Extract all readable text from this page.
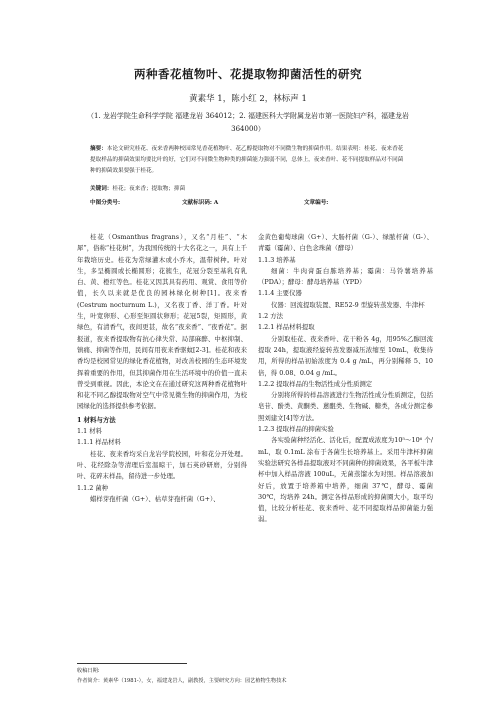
两种香花植物叶、花提取物抑菌活性的研究
黄素华 1，陈小红 2，林标声 1
（1. 龙岩学院生命科学学院 福建龙岩 364012；2. 福建医科大学附属龙岩市第一医院妇产科，福建龙岩 364000）
摘要：本论文研究桂花、夜来香两种校园常见香花植物叶、花乙醇提取物对不同微生物的抑菌作用。结果表明：桂花、夜来香花提取样品的抑菌效果均要比叶的好，它们对不同微生物种类的抑菌能力强弱不同，总体上，夜来香叶、花不同提取样品对不同菌种的抑菌效果要强于桂花。
关键词：桂花；夜来香；提取物；抑菌
中图分类号:	文献标识码: A	文章编号:

桂花（Osmanthus fragrans），又名“月桂”、“木犀”，俗称“桂花树”，为我国传统的十大名花之一，具有上千年栽培历史。桂花为常绿灌木或小乔木，温带树种。叶对生，多呈椭圆或长椭圆形；花簇生，花冠分裂至基乳有乳白、黄、橙红等色。桂花又因其具有药用、观赏、食用等价值，长久以来就是优良的园林绿化树种[1]。夜来香(Cestrum nocturnum L.)，又名夜丁香、洋丁香。叶对生，叶宽卵形、心形至矩圆状卵形；花冠5裂，矩圆形，黄绿色，有清香气，夜间更甚，故名“夜来香”、“夜香花”。据报道，夜来香提取物有抗心律失常、局部麻醉、中枢抑制、镇痛、抑菌等作用，民间有用夜来香驱蚊[2-3]。桂花和夜来香均是校园常见的绿化香花植物，对改善校园的生态环境发挥着重要的作用，但其抑菌作用在生活环境中的价值一直未曾受到重视。因此，本论文在在通过研究这两种香花植物叶和花不同乙醇提取物对空气中常见微生物的抑菌作用，为校园绿化的选择提供参考依据。

1 材料与方法

1.1 材料

1.1.1 样品材料

桂花、夜来香均采自龙岩学院校园，叶和花分开处理。叶、花经除杂等清理后室温晾干，加石英砂研磨，分别得叶、花碎末样品，留待进一步处理。

1.1.2 菌种

蜡样芽孢杆菌（G+）、枯草芽孢杆菌（G+）、

金黄色葡萄球菌（G+）、大肠杆菌（G-）、绿脓杆菌（G-）、青霉（霉菌）、白色念珠菌（酵母）

1.1.3 培养基

细菌：牛肉膏蛋白胨培养基；霉菌：马铃薯培养基（PDA）；酵母：酵母培养基（YPD）

1.1.4 主要仪器

仪器：回流提取装置、RE52-9 型旋转蒸发器、牛津杯

1.2 方法

1.2.1 样品材料提取

分别取桂花、夜来香叶、花干粉各 4g，用95%乙醇回流提取 24h，提取液经旋转蒸发器减压浓缩至 10mL，收集待用，所得的样品初始浓度为 0.4 g /mL，再分别稀释 5、10 倍，得 0.08、0.04 g /mL。

1.2.2 提取样品的生物活性成分性质测定

分别将所得的样品溶液进行生物活性成分性质测定，包括皂苷、酚类、黄酮类、蒽醌类、生物碱、糖类，各成分测定参照刘建文[4]等方法。

1.2.3 提取样品的抑菌实验

各实验菌种经活化、活化后，配置成浓度为10⁵～10⁶ 个/ mL，取 0.1mL 涂布于各菌生长培养基上。采用牛津杯抑菌实验法研究各样品提取液对不同菌种的抑菌效果，各平板牛津杯中加入样品溶液 100uL，无菌蒸馏水为对照。样品溶液加好后，放置于培养箱中培养，细菌 37℃，酵母、霉菌 30℃，均培养 24h。测定各样品形成的抑菌圈大小，取平均值，比较分析桂花、夜来香叶、花不同提取样品抑菌能力强弱。

收稿日期:
作者简介：黄素华（1981-），女，福建龙岩人，副教授，主要研究方向：园艺植物生物技术
